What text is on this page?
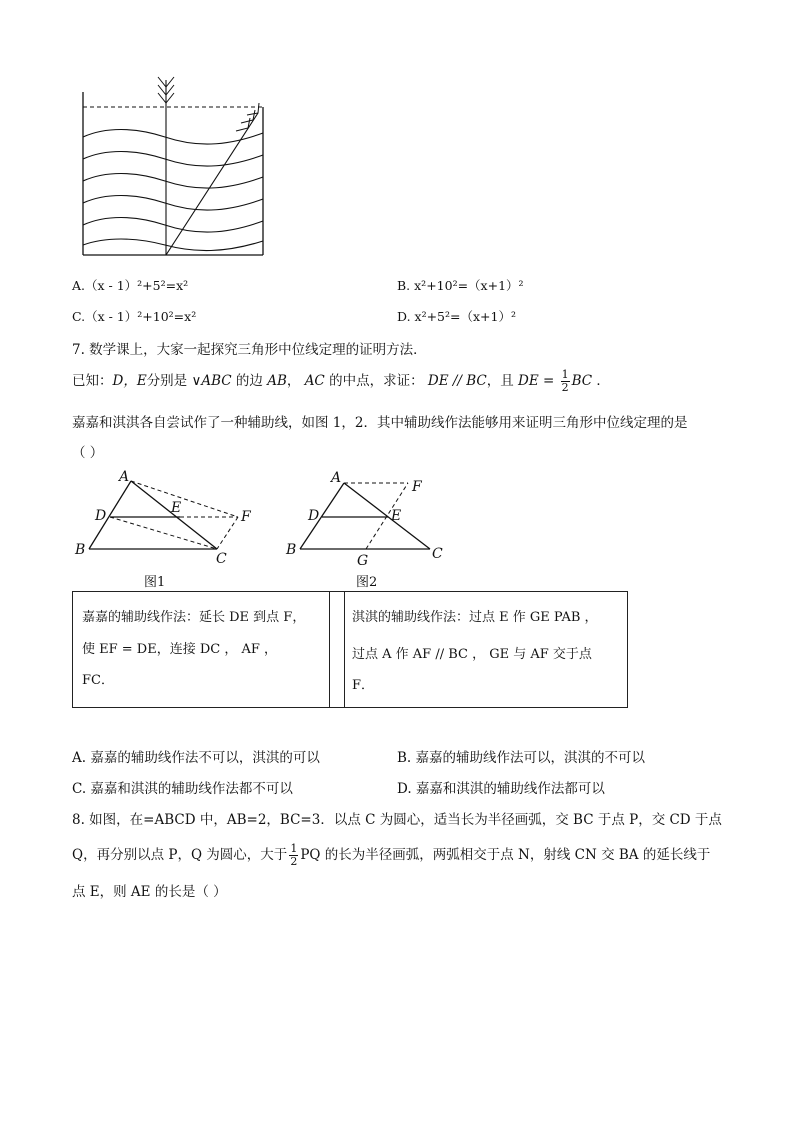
A.（x - 1）²+5²=x²	B. x²+10²=（x+1）²
C.（x - 1）²+10²=x²	D. x²+5²=（x+1）²
7. 数学课上，大家一起探究三角形中位线定理的证明方法．
已知：D，E分别是 ∨ABC 的边 AB， AC 的中点，求证： DE // BC，且 DE = $\frac{1}{2}$ BC ．
嘉嘉和淇淇各自尝试作了一种辅助线，如图 1，2．其中辅助线作法能够用来证明三角形中位线定理的是
（ ）
A
B
C
D	E
F
图1
A
B	C
D	E
F
G
图2
嘉嘉的辅助线作法：延长 DE 到点 F，
使 EF = DE，连接 DC ， AF ，
FC．
淇淇的辅助线作法：过点 E 作 GE PAB ，
过点 A 作 AF // BC ， GE 与 AF 交于点
F．
A. 嘉嘉的辅助线作法不可以，淇淇的可以	B. 嘉嘉的辅助线作法可以，淇淇的不可以
C. 嘉嘉和淇淇的辅助线作法都不可以	D. 嘉嘉和淇淇的辅助线作法都可以
8. 如图，在=ABCD 中，AB=2，BC=3．以点 C 为圆心，适当长为半径画弧，交 BC 于点 P，交 CD 于点
Q，再分别以点 P，Q 为圆心，大于 $\frac{1}{2}$ PQ 的长为半径画弧，两弧相交于点 N，射线 CN 交 BA 的延长线于
点 E，则 AE 的长是（ ）
